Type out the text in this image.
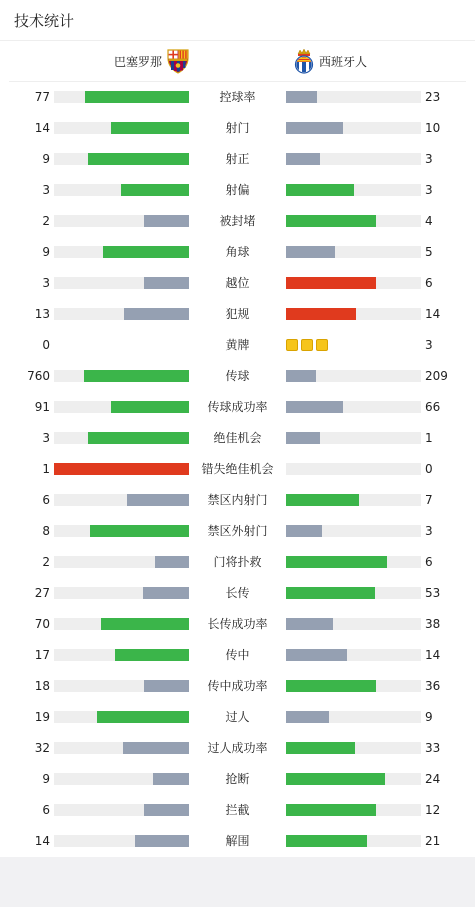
技术统计
巴塞罗那	西班牙人
77	控球率	23
14	射门	10
9	射正	3
3	射偏	3
2	被封堵	4
9	角球	5
3	越位	6
13	犯规	14
0	黄牌	3
760	传球	209
91	传球成功率	66
3	绝佳机会	1
1	错失绝佳机会	0
6	禁区内射门	7
8	禁区外射门	3
2	门将扑救	6
27	长传	53
70	长传成功率	38
17	传中	14
18	传中成功率	36
19	过人	9
32	过人成功率	33
9	抢断	24
6	拦截	12
14	解围	21
